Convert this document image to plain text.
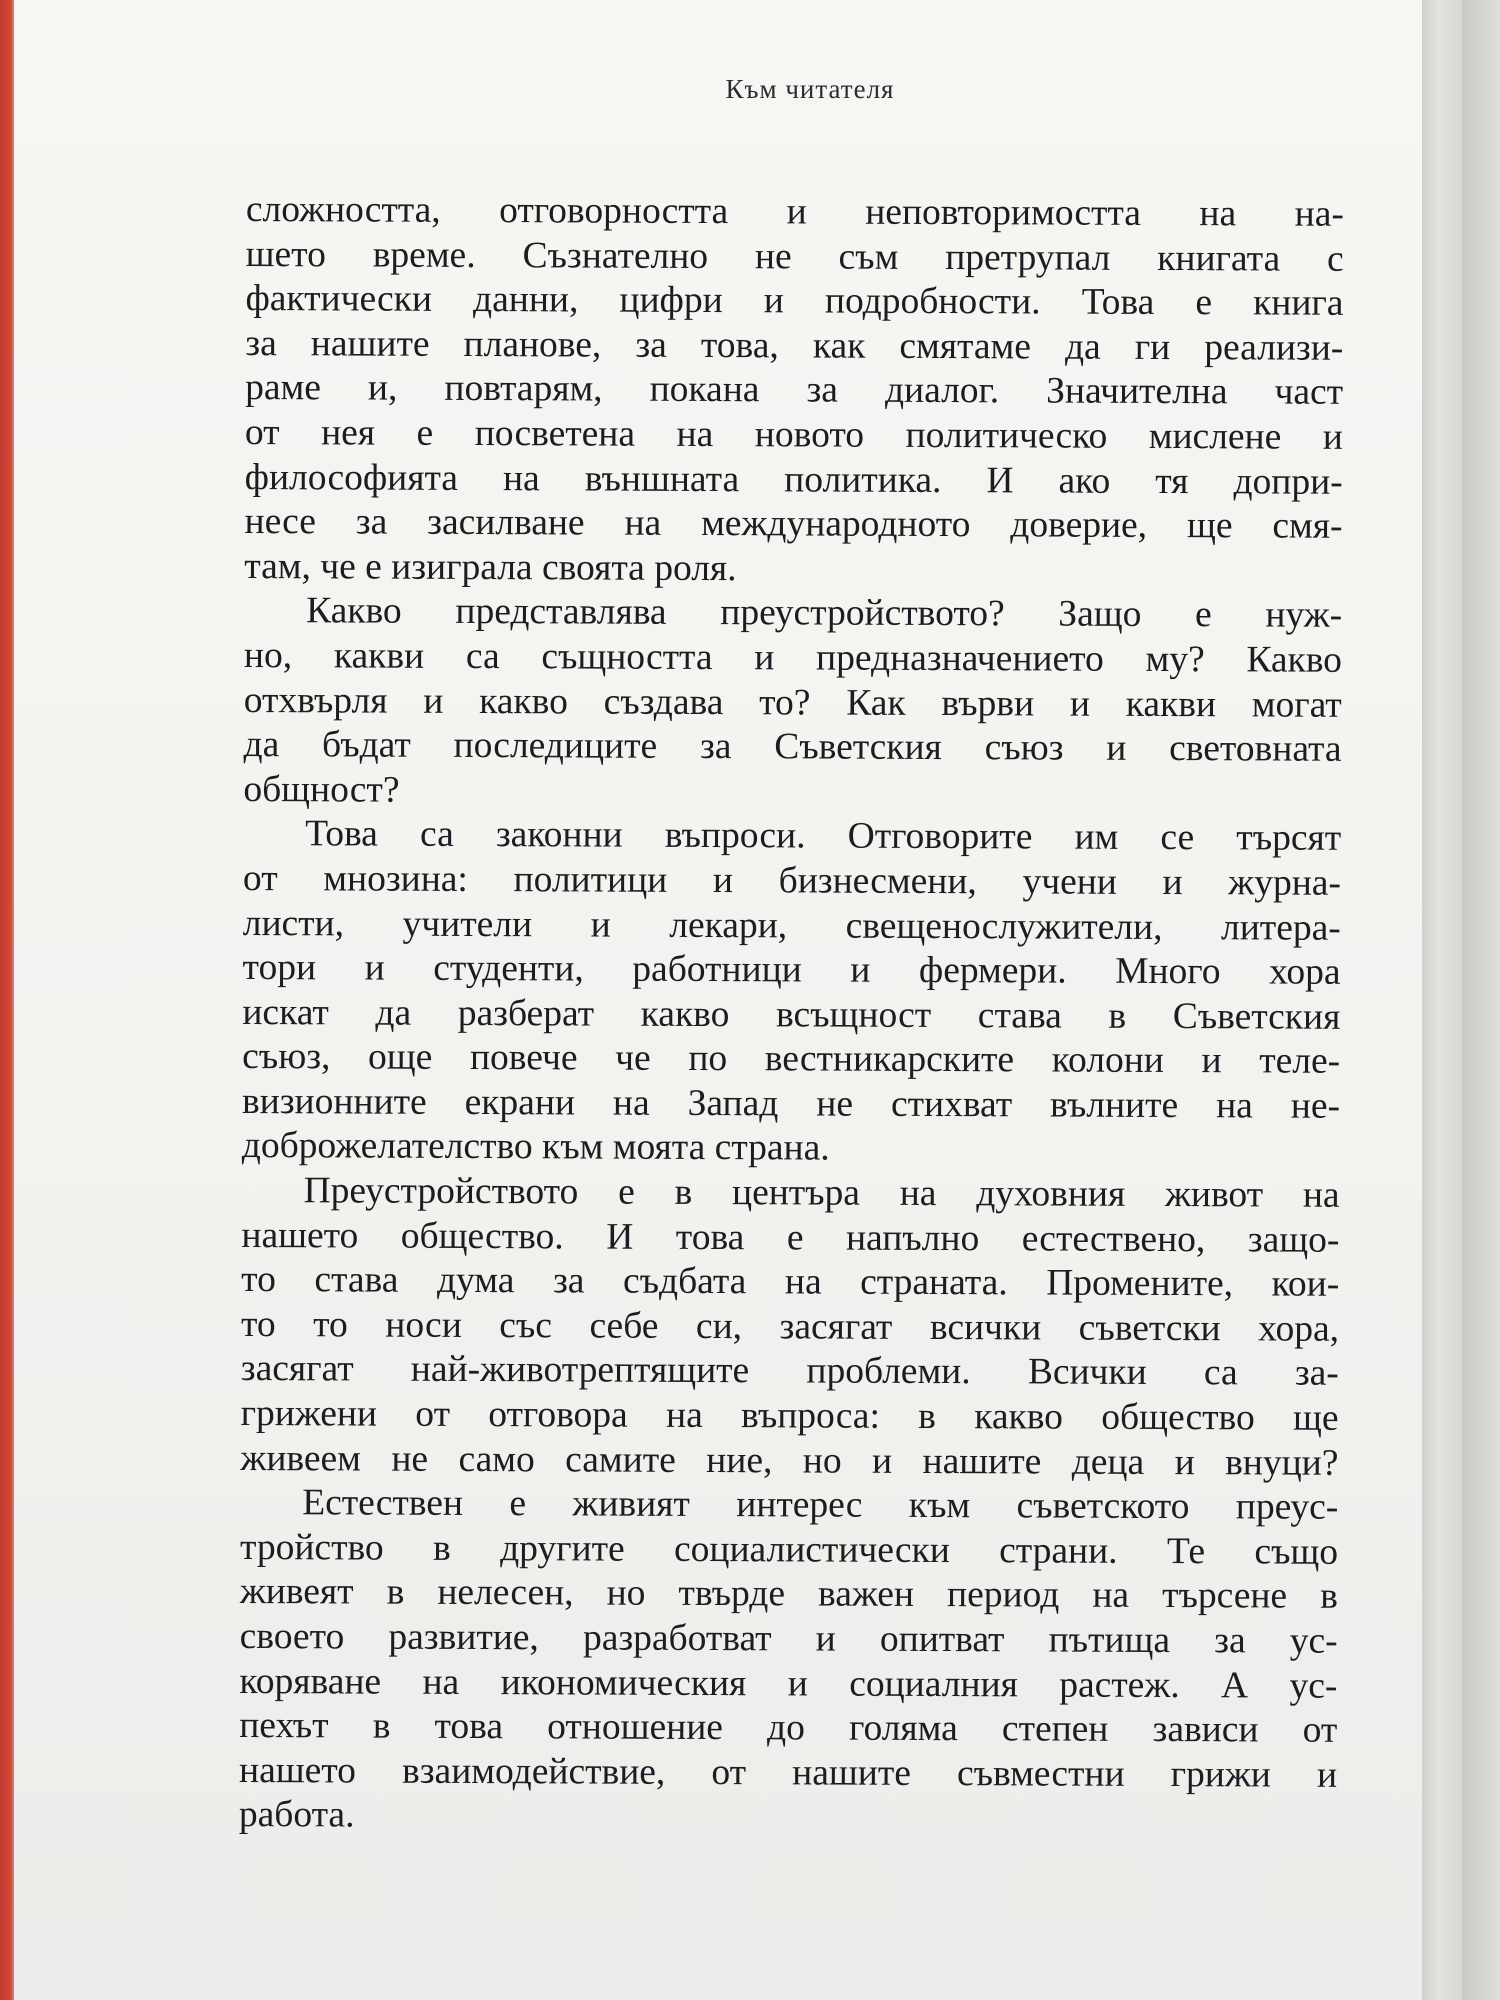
Към читателя
сложността, отговорността и неповторимостта на на-
шето време. Съзнателно не съм претрупал книгата с
фактически данни, цифри и подробности. Това е книга
за нашите планове, за това, как смятаме да ги реализи-
раме и, повтарям, покана за диалог. Значителна част
от нея е посветена на новото политическо мислене и
философията на външната политика. И ако тя допри-
несе за засилване на международното доверие, ще смя-
там, че е изиграла своята роля.
Какво представлява преустройството? Защо е нуж-
но, какви са същността и предназначението му? Какво
отхвърля и какво създава то? Как върви и какви могат
да бъдат последиците за Съветския съюз и световната
общност?
Това са законни въпроси. Отговорите им се търсят
от мнозина: политици и бизнесмени, учени и журна-
листи, учители и лекари, свещенослужители, литера-
тори и студенти, работници и фермери. Много хора
искат да разберат какво всъщност става в Съветския
съюз, още повече че по вестникарските колони и теле-
визионните екрани на Запад не стихват вълните на не-
доброжелателство към моята страна.
Преустройството е в центъра на духовния живот на
нашето общество. И това е напълно естествено, защо-
то става дума за съдбата на страната. Промените, кои-
то то носи със себе си, засягат всички съветски хора,
засягат най-животрептящите проблеми. Всички са за-
грижени от отговора на въпроса: в какво общество ще
живеем не само самите ние, но и нашите деца и внуци?
Естествен е живият интерес към съветското преус-
тройство в другите социалистически страни. Те също
живеят в нелесен, но твърде важен период на търсене в
своето развитие, разработват и опитват пътища за ус-
коряване на икономическия и социалния растеж. А ус-
пехът в това отношение до голяма степен зависи от
нашето взаимодействие, от нашите съвместни грижи и
работа.
